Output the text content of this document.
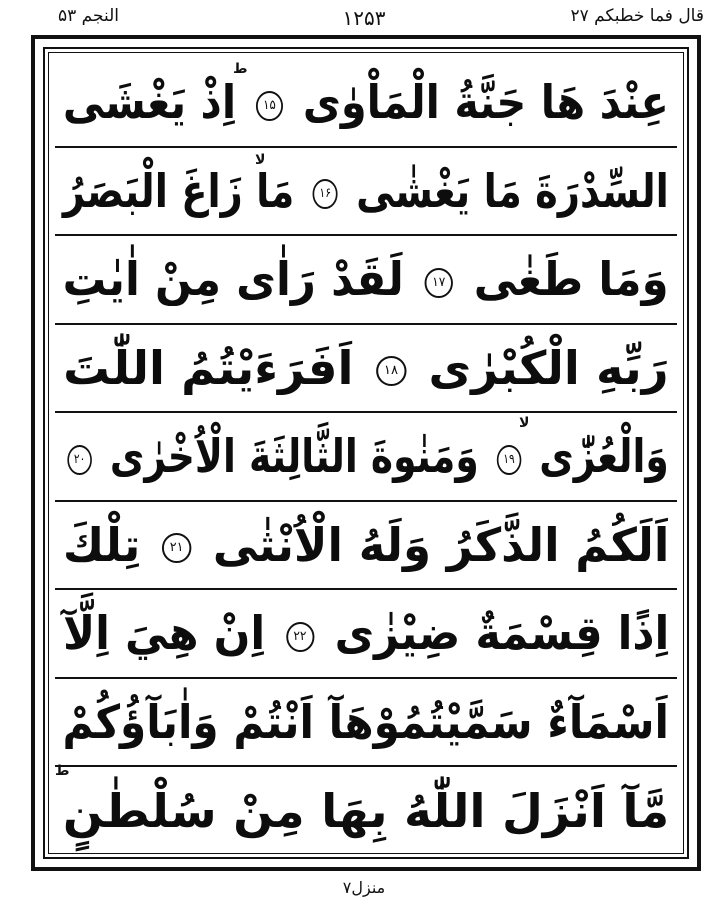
قال فما خطبکم ۲۷
۱۲۵۳
النجم ۵۳
ط
عِنْدَ هَا جَنَّةُ الْمَاْوٰی ۱۵ اِذْ يَغْشَى
لا
السِّدْرَةَ مَا يَغْشٰى ۱۶ مَا زَاغَ الْبَصَرُ
وَمَا طَغٰى ۱۷ لَقَدْ رَاٰى مِنْ اٰيٰتِ
رَبِّهِ الْكُبْرٰى ۱۸ اَفَرَءَيْتُمُ اللّٰتَ
لا
وَالْعُزّٰى ۱۹ وَمَنٰوةَ الثَّالِثَةَ الْاُخْرٰى ۲۰
اَلَكُمُ الذَّكَرُ وَلَهُ الْاُنْثٰى ۲۱ تِلْكَ
اِذًا قِسْمَةٌ ضِيْزٰى ۲۲ اِنْ هِيَ اِلَّآ
اَسْمَآءٌ سَمَّيْتُمُوْهَآ اَنْتُمْ وَاٰبَآؤُكُمْ
ط
مَّآ اَنْزَلَ اللّٰهُ بِهَا مِنْ سُلْطٰنٍ
منزل۷
